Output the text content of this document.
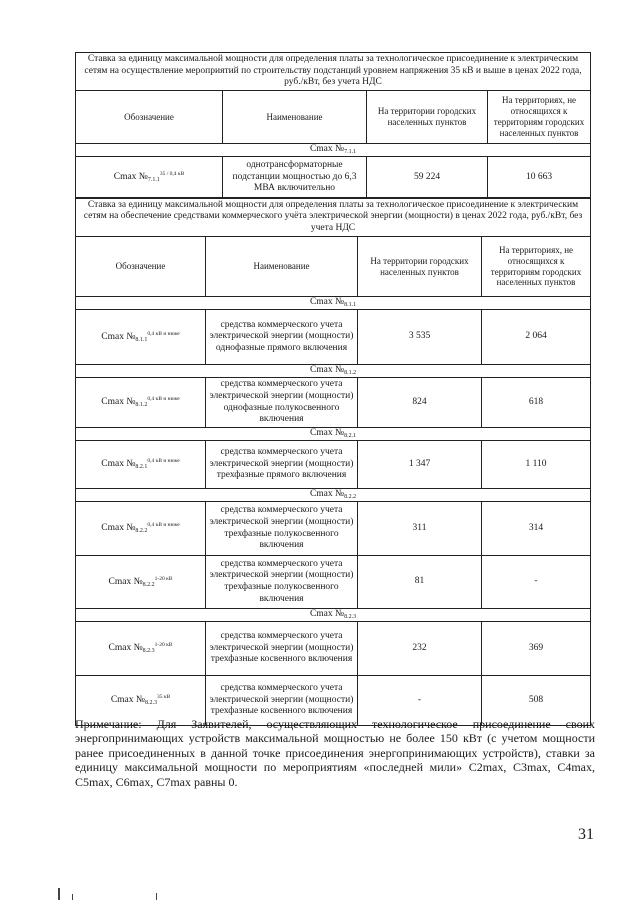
Ставка за единицу максимальной мощности для определения платы за технологическое присоединение к электрическим сетям на осуществление мероприятий по строительству подстанций уровнем напряжения 35 кВ и выше в ценах 2022 года, руб./кВт, без учета НДС			
Обозначение	Наименование	На территории городских населенных пунктов	На территориях, не относящихся к территориям городских населенных пунктов
Cmax $№_{7.1.1}$
Cmax $№_{7.1.1}^{35 / 0,4 кВ}$	однотрансформаторные подстанции мощностью до 6,3 МВА включительно	59 224	10 663
Ставка за единицу максимальной мощности для определения платы за технологическое присоединение к электрическим сетям на обеспечение средствами коммерческого учёта электрической энергии (мощности) в ценах 2022 года, руб./кВт, без учета НДС			
Обозначение	Наименование	На территории городских населенных пунктов	На территориях, не относящихся к территориям городских населенных пунктов
Cmax $№_{8.1.1}$
Cmax $№_{8.1.1}^{0,4 кВ и ниже}$	средства коммерческого учета электрической энергии (мощности) однофазные прямого включения	3 535	2 064
Cmax $№_{8.1.2}$
Cmax $№_{8.1.2}^{0,4 кВ и ниже}$	средства коммерческого учета электрической энергии (мощности) однофазные полукосвенного включения	824	618
Cmax $№_{8.2.1}$
Cmax $№_{8.2.1}^{0,4 кВ и ниже}$	средства коммерческого учета электрической энергии (мощности) трехфазные прямого включения	1 347	1 110
Cmax $№_{8.2.2}$
Cmax $№_{8.2.2}^{0,4 кВ и ниже}$	средства коммерческого учета электрической энергии (мощности) трехфазные полукосвенного включения	311	314
Cmax $№_{8.2.2}^{1-20 кВ}$	средства коммерческого учета электрической энергии (мощности) трехфазные полукосвенного включения	81	-
Cmax $№_{8.2.3}$
Cmax $№_{8.2.3}^{1-20 кВ}$	средства коммерческого учета электрической энергии (мощности) трехфазные косвенного включения	232	369
Cmax $№_{8.2.3}^{35 кВ}$	средства коммерческого учета электрической энергии (мощности) трехфазные косвенного включения	-	508
Примечание: Для Заявителей, осуществляющих технологическое присоединение своих энергопринимающих устройств максимальной мощностью не более 150 кВт (с учетом мощности ранее присоединенных в данной точке присоединения энергопринимающих устройств), ставки за единицу максимальной мощности по мероприятиям «последней мили» C2max, C3max, C4max, C5max, C6max, C7max равны 0.
31
